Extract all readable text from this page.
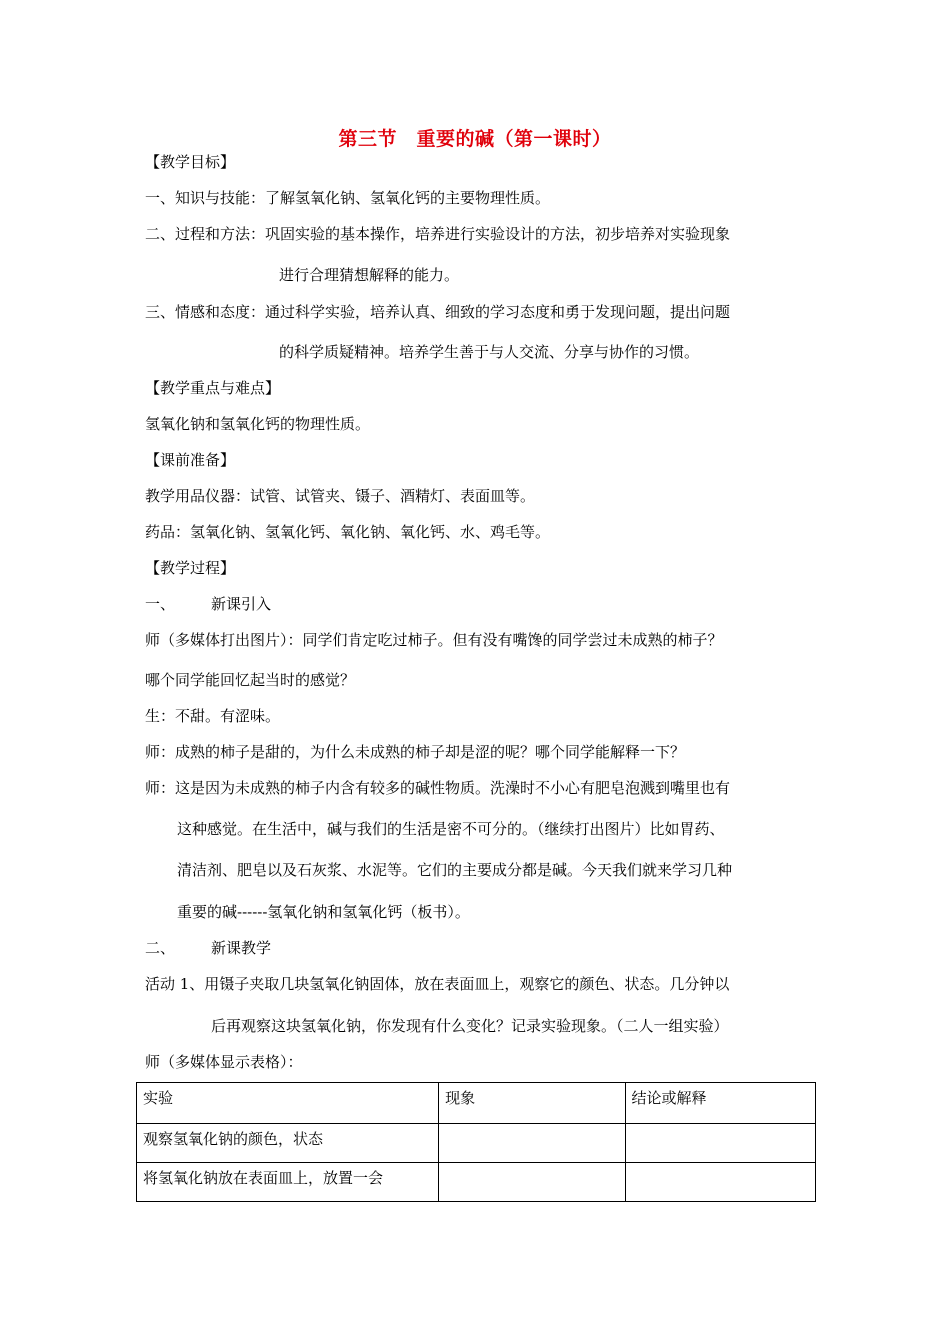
第三节　重要的碱（第一课时）
【教学目标】
一、知识与技能：了解氢氧化钠、氢氧化钙的主要物理性质。
二、过程和方法：巩固实验的基本操作，培养进行实验设计的方法，初步培养对实验现象
进行合理猜想解释的能力。
三、情感和态度：通过科学实验，培养认真、细致的学习态度和勇于发现问题，提出问题
的科学质疑精神。培养学生善于与人交流、分享与协作的习惯。
【教学重点与难点】
氢氧化钠和氢氧化钙的物理性质。
【课前准备】
教学用品仪器：试管、试管夹、镊子、酒精灯、表面皿等。
药品：氢氧化钠、氢氧化钙、氧化钠、氧化钙、水、鸡毛等。
【教学过程】
一、 新课引入
师（多媒体打出图片）：同学们肯定吃过柿子。但有没有嘴馋的同学尝过未成熟的柿子？
哪个同学能回忆起当时的感觉？
生：不甜。有涩味。
师：成熟的柿子是甜的，为什么未成熟的柿子却是涩的呢？哪个同学能解释一下？
师：这是因为未成熟的柿子内含有较多的碱性物质。洗澡时不小心有肥皂泡溅到嘴里也有
这种感觉。在生活中，碱与我们的生活是密不可分的。（继续打出图片）比如胃药、
清洁剂、肥皂以及石灰浆、水泥等。它们的主要成分都是碱。今天我们就来学习几种
重要的碱------氢氧化钠和氢氧化钙（板书）。
二、 新课教学
活动 1、用镊子夹取几块氢氧化钠固体，放在表面皿上，观察它的颜色、状态。几分钟以
后再观察这块氢氧化钠，你发现有什么变化？记录实验现象。（二人一组实验）
师（多媒体显示表格）：
实验	现象	结论或解释
观察氢氧化钠的颜色，状态		
将氢氧化钠放在表面皿上，放置一会		
